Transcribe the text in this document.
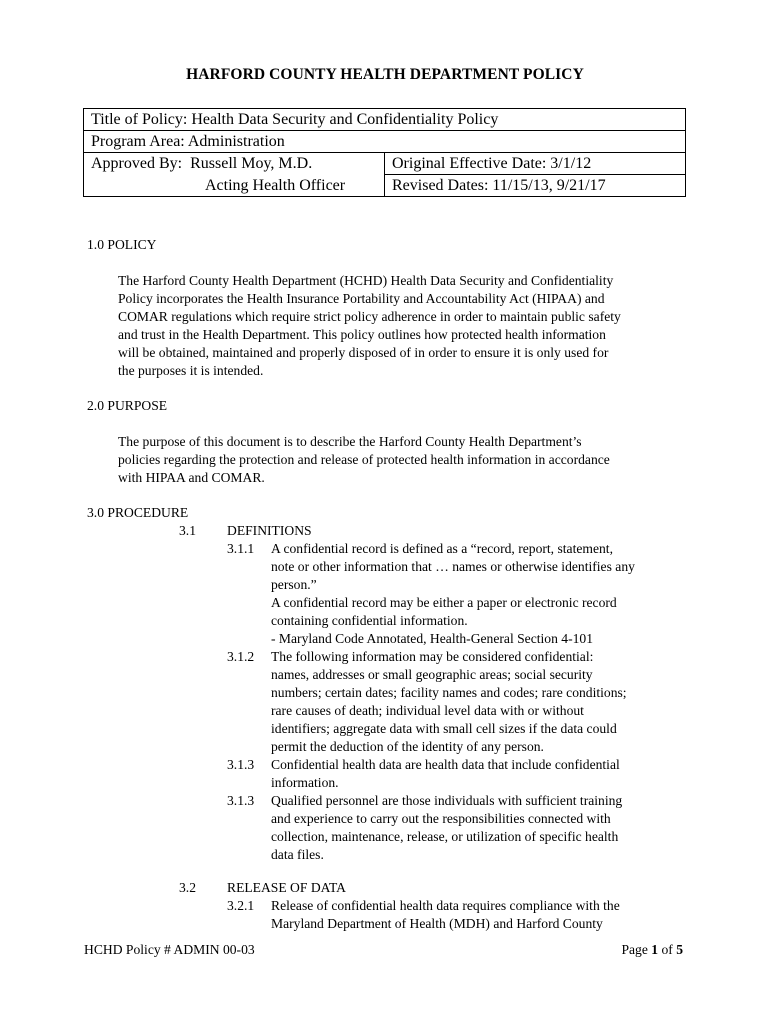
HARFORD COUNTY HEALTH DEPARTMENT POLICY
Title of Policy: Health Data Security and Confidentiality Policy	
Program Area: Administration	
Approved By: Russell Moy, M.D.	Original Effective Date: 3/1/12
Acting Health Officer	Revised Dates: 11/15/13, 9/21/17
1.0 POLICY
The Harford County Health Department (HCHD) Health Data Security and Confidentiality
Policy incorporates the Health Insurance Portability and Accountability Act (HIPAA) and
COMAR regulations which require strict policy adherence in order to maintain public safety
and trust in the Health Department. This policy outlines how protected health information
will be obtained, maintained and properly disposed of in order to ensure it is only used for
the purposes it is intended.
2.0 PURPOSE
The purpose of this document is to describe the Harford County Health Department’s
policies regarding the protection and release of protected health information in accordance
with HIPAA and COMAR.
3.0 PROCEDURE
3.1 DEFINITIONS
3.1.1 A confidential record is defined as a “record, report, statement,
note or other information that … names or otherwise identifies any
person.”
A confidential record may be either a paper or electronic record
containing confidential information.
- Maryland Code Annotated, Health-General Section 4-101
3.1.2 The following information may be considered confidential:
names, addresses or small geographic areas; social security
numbers; certain dates; facility names and codes; rare conditions;
rare causes of death; individual level data with or without
identifiers; aggregate data with small cell sizes if the data could
permit the deduction of the identity of any person.
3.1.3 Confidential health data are health data that include confidential
information.
3.1.3 Qualified personnel are those individuals with sufficient training
and experience to carry out the responsibilities connected with
collection, maintenance, release, or utilization of specific health
data files.
3.2 RELEASE OF DATA
3.2.1 Release of confidential health data requires compliance with the
Maryland Department of Health (MDH) and Harford County
HCHD Policy # ADMIN 00-03	Page 1 of 5
